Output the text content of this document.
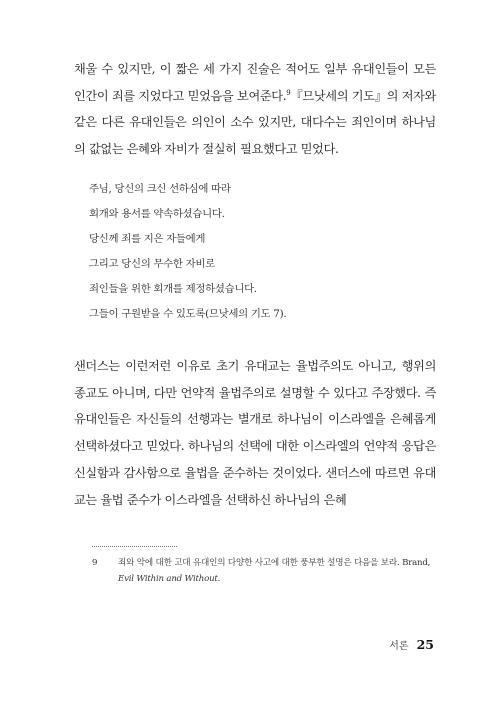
채울 수 있지만, 이 짧은 세 가지 진술은 적어도 일부 유대인들이 모든 인간이 죄를 지었다고 믿었음을 보여준다.$^9$『므낫세의 기도』의 저자와 같은 다른 유대인들은 의인이 소수 있지만, 대다수는 죄인이며 하나님의 값없는 은혜와 자비가 절실히 필요했다고 믿었다.

주님, 당신의 크신 선하심에 따라
회개와 용서를 약속하셨습니다.
당신께 죄를 지은 자들에게
그리고 당신의 무수한 자비로
죄인들을 위한 회개를 제정하셨습니다.
그들이 구원받을 수 있도록(므낫세의 기도 7).

샌더스는 이런저런 이유로 초기 유대교는 율법주의도 아니고, 행위의 종교도 아니며, 다만 언약적 율법주의로 설명할 수 있다고 주장했다. 즉 유대인들은 자신들의 선행과는 별개로 하나님이 이스라엘을 은혜롭게 선택하셨다고 믿었다. 하나님의 선택에 대한 이스라엘의 언약적 응답은 신실함과 감사함으로 율법을 준수하는 것이었다. 샌더스에 따르면 유대교는 율법 준수가 이스라엘을 선택하신 하나님의 은혜

9 죄와 악에 대한 고대 유대인의 다양한 사고에 대한 풍부한 설명은 다음을 보라. Brand, Evil Within and Without.
서론 25
